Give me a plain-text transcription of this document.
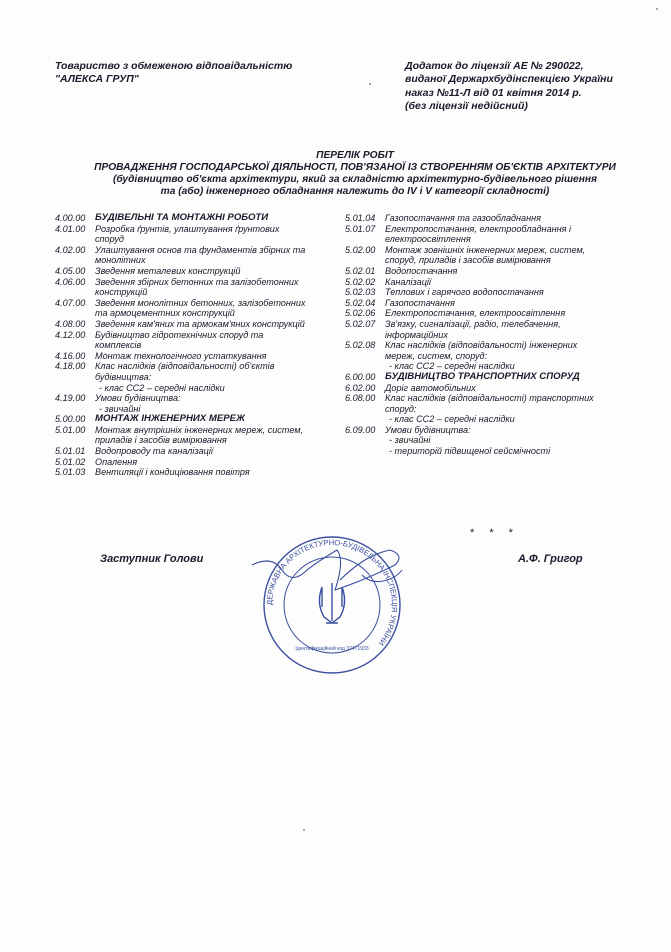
Товариство з обмеженою відповідальністю
"АЛЕКСА ГРУП"
Додаток до ліцензії АЕ № 290022,
виданої Держархбудінспекцією України
наказ №11-Л від 01 квітня 2014 р.
(без ліцензії недійсний)
ПЕРЕЛІК РОБІТ
ПРОВАДЖЕННЯ ГОСПОДАРСЬКОЇ ДІЯЛЬНОСТІ, ПОВ'ЯЗАНОЇ ІЗ СТВОРЕННЯМ ОБ'ЄКТІВ АРХІТЕКТУРИ
(будівництво об'єкта архітектури, який за складністю архітектурно-будівельного рішення
та (або) інженерного обладнання належить до IV і V категорії складності)
4.00.00	БУДІВЕЛЬНІ ТА МОНТАЖНІ РОБОТИ
4.01.00	Розробка ґрунтів, улаштування ґрунтових
споруд
4.02.00	Улаштування основ та фундаментів збірних та
монолітних
4.05.00	Зведення металевих конструкцій
4.06.00	Зведення збірних бетонних та залізобетонних
конструкцій
4.07.00	Зведення монолітних бетонних, залізобетонних
та армоцементних конструкцій
4.08.00	Зведення кам'яних та армокам'яних конструкцій
4.12.00	Будівництво гідротехнічних споруд та
комплексів
4.16.00	Монтаж технологічного устаткування
4.18.00	Клас наслідків (відповідальності) об'єктів
будівництва:
- клас СС2 – середні наслідки
4.19.00	Умови будівництва:
- звичайні
5.00.00	МОНТАЖ ІНЖЕНЕРНИХ МЕРЕЖ
5.01.00	Монтаж внутрішніх інженерних мереж, систем,
приладів і засобів вимірювання
5.01.01	Водопроводу та каналізації
5.01.02	Опалення
5.01.03	Вентиляції і кондиціювання повітря
5.01.04	Газопостачання та газообладнання
5.01.07	Електропостачання, електрообладнання і
електроосвітлення
5.02.00	Монтаж зовнішніх інженерних мереж, систем,
споруд, приладів і засобів вимірювання
5.02.01	Водопостачання
5.02.02	Каналізації
5.02.03	Теплових і гарячого водопостачання
5.02.04	Газопостачання
5.02.06	Електропостачання, електроосвітлення
5.02.07	Зв'язку, сигналізації, радіо, телебачення,
інформаційних
5.02.08	Клас наслідків (відповідальності) інженерних
мереж, систем, споруд:
- клас СС2 – середні наслідки
6.00.00	БУДІВНИЦТВО ТРАНСПОРТНИХ СПОРУД
6.02.00	Доріг автомобільних
6.08.00	Клас наслідків (відповідальності) транспортних
споруд:
- клас СС2 – середні наслідки
6.09.00	Умови будівництва:
- звичайні
- територій підвищеної сейсмічності
ДЕРЖАВНА АРХІТЕКТУРНО-БУДІВЕЛЬНА ІНСПЕКЦІЯ УКРАЇНИ
Ідентифікаційний код 37471933
* * *
Заступник Голови	А.Ф. Григор
